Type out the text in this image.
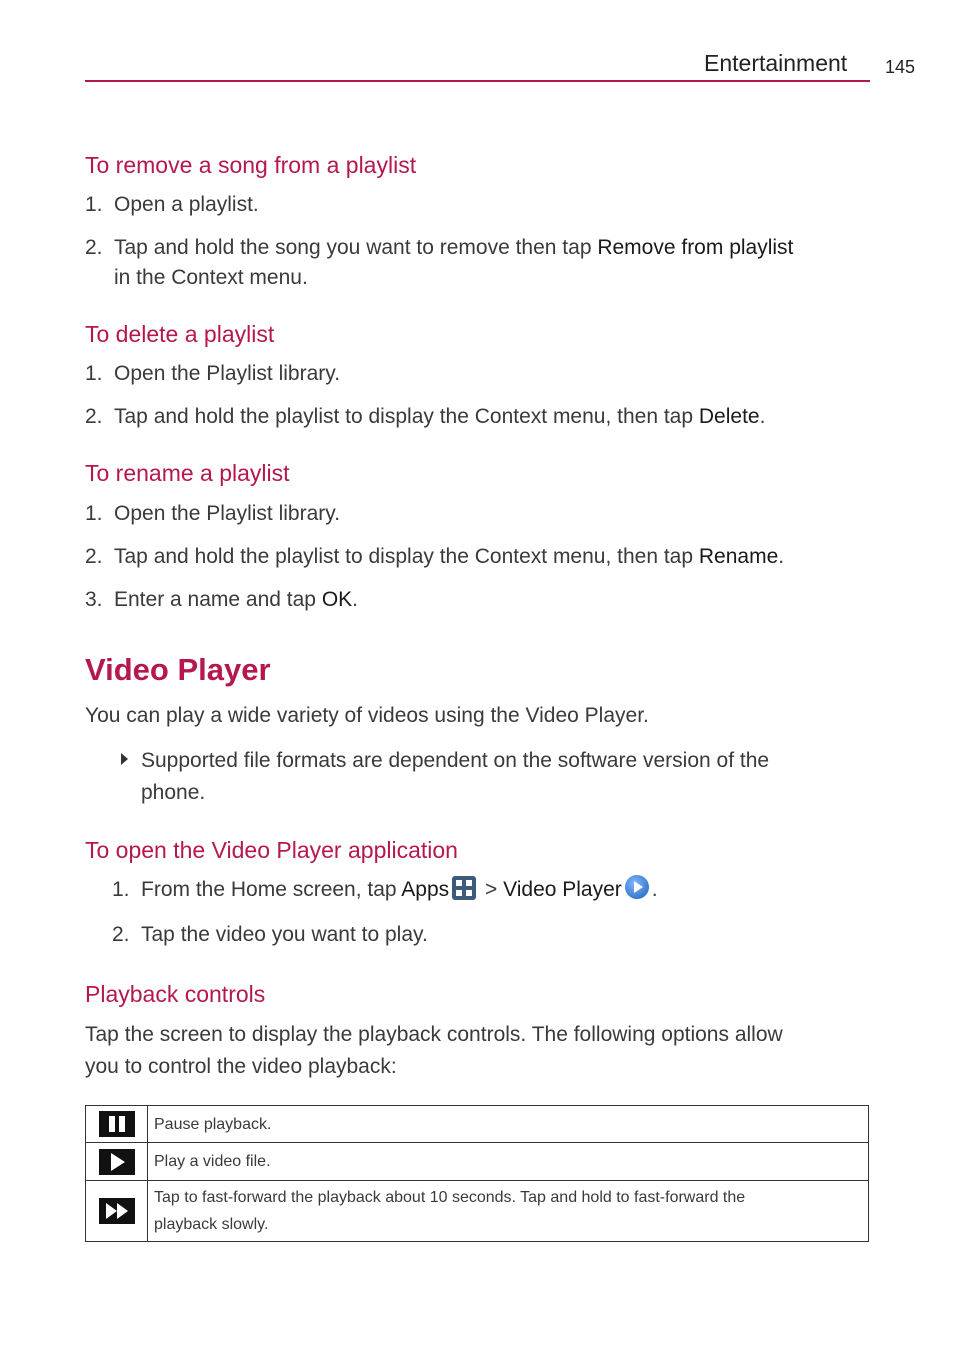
Entertainment 145
To remove a song from a playlist
1. Open a playlist.
2. Tap and hold the song you want to remove then tap Remove from playlist
in the Context menu.
To delete a playlist
1. Open the Playlist library.
2. Tap and hold the playlist to display the Context menu, then tap Delete.
To rename a playlist
1. Open the Playlist library.
2. Tap and hold the playlist to display the Context menu, then tap Rename.
3. Enter a name and tap OK.
Video Player
You can play a wide variety of videos using the Video Player.
Supported file formats are dependent on the software version of the
phone.
To open the Video Player application
1. From the Home screen, tap Apps
> Video Player .
2. Tap the video you want to play.
Playback controls
Tap the screen to display the playback controls. The following options allow
you to control the video playback:
	Pause playback.
	Play a video file.

	Tap to fast-forward the playback about 10 seconds. Tap and hold to fast-forward the
playback slowly.
